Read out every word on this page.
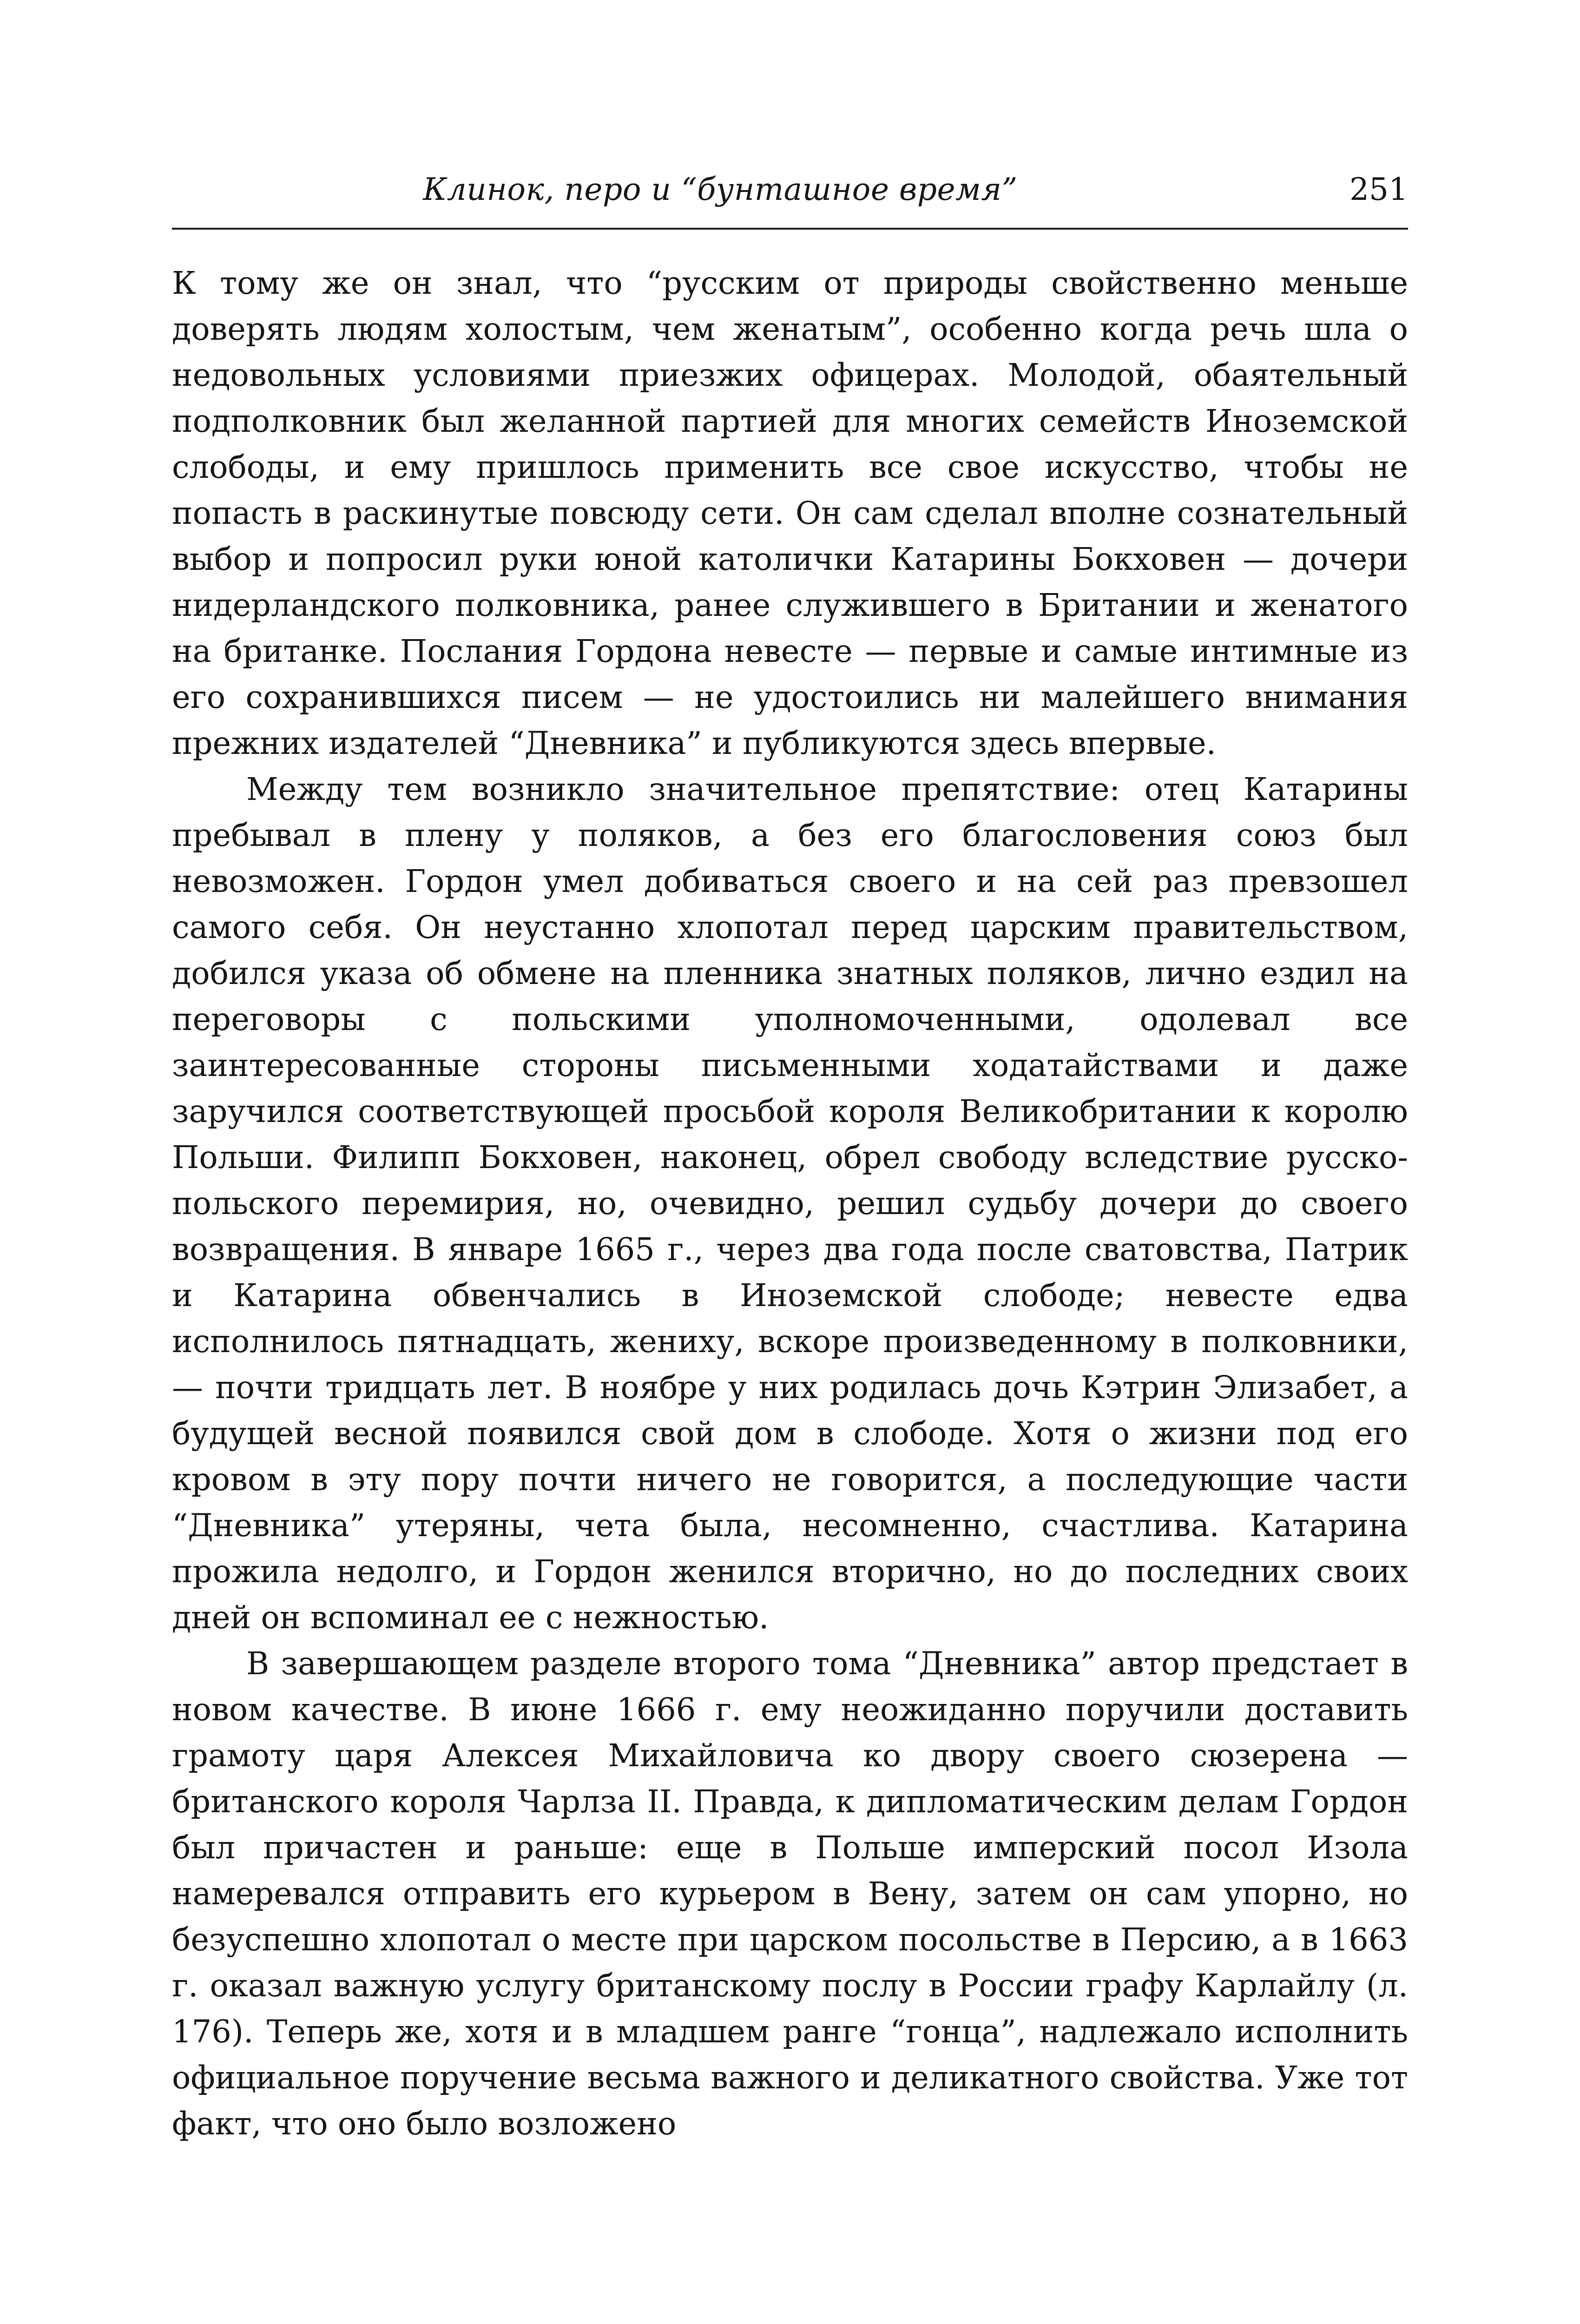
Клинок, перо и “бунташное время”	251

К тому же он знал, что “русским от природы свойственно меньше доверять людям холостым, чем женатым”, особенно когда речь шла о недовольных условиями приезжих офицерах. Молодой, обаятельный подполковник был желанной партией для многих семейств Иноземской слободы, и ему пришлось применить все свое искусство, чтобы не попасть в раскинутые повсюду сети. Он сам сделал вполне сознательный выбор и попросил руки юной католички Катарины Бокховен — дочери нидерландского полковника, ранее служившего в Британии и женатого на британке. Послания Гордона невесте — первые и самые интимные из его сохранившихся писем — не удостоились ни малейшего внимания прежних издателей “Дневника” и публикуются здесь впервые.

Между тем возникло значительное препятствие: отец Катарины пребывал в плену у поляков, а без его благословения союз был невозможен. Гордон умел добиваться своего и на сей раз превзошел самого себя. Он неустанно хлопотал перед царским правительством, добился указа об обмене на пленника знатных поляков, лично ездил на переговоры с польскими уполномоченными, одолевал все заинтересованные стороны письменными ходатайствами и даже заручился соответствующей просьбой короля Великобритании к королю Польши. Филипп Бокховен, наконец, обрел свободу вследствие русско-польского перемирия, но, очевидно, решил судьбу дочери до своего возвращения. В январе 1665 г., через два года после сватовства, Патрик и Катарина обвенчались в Иноземской слободе; невесте едва исполнилось пятнадцать, жениху, вскоре произведенному в полковники, — почти тридцать лет. В ноябре у них родилась дочь Кэтрин Элизабет, а будущей весной появился свой дом в слободе. Хотя о жизни под его кровом в эту пору почти ничего не говорится, а последующие части “Дневника” утеряны, чета была, несомненно, счастлива. Катарина прожила недолго, и Гордон женился вторично, но до последних своих дней он вспоминал ее с нежностью.

В завершающем разделе второго тома “Дневника” автор предстает в новом качестве. В июне 1666 г. ему неожиданно поручили доставить грамоту царя Алексея Михайловича ко двору своего сюзерена — британского короля Чарлза II. Правда, к дипломатическим делам Гордон был причастен и раньше: еще в Польше имперский посол Изола намеревался отправить его курьером в Вену, затем он сам упорно, но безуспешно хлопотал о месте при царском посольстве в Персию, а в 1663 г. оказал важную услугу британскому послу в России графу Карлайлу (л. 176). Теперь же, хотя и в младшем ранге “гонца”, надлежало исполнить официальное поручение весьма важного и деликатного свойства. Уже тот факт, что оно было возложено
